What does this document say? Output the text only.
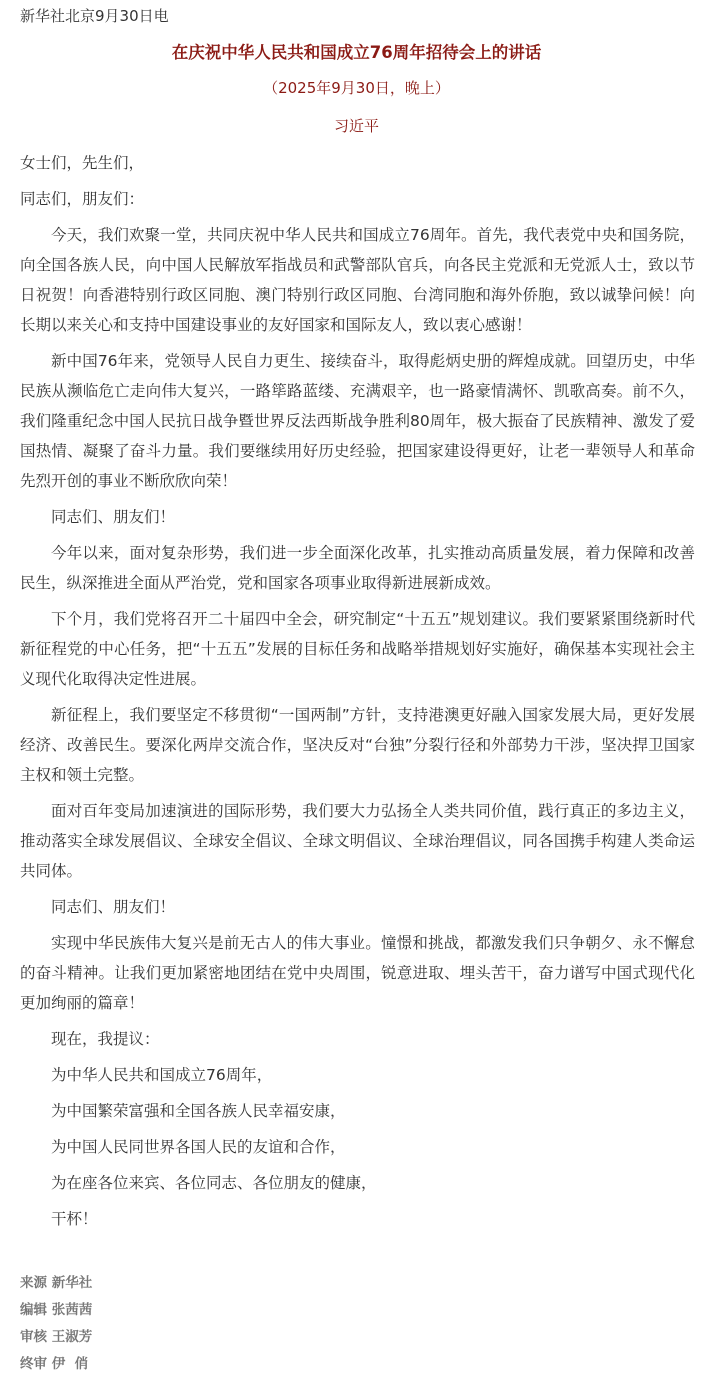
新华社北京9月30日电
在庆祝中华人民共和国成立76周年招待会上的讲话
（2025年9月30日，晚上）
习近平

女士们，先生们，

同志们，朋友们：

今天，我们欢聚一堂，共同庆祝中华人民共和国成立76周年。首先，我代表党中央和国务院，向全国各族人民，向中国人民解放军指战员和武警部队官兵，向各民主党派和无党派人士，致以节日祝贺！向香港特别行政区同胞、澳门特别行政区同胞、台湾同胞和海外侨胞，致以诚挚问候！向长期以来关心和支持中国建设事业的友好国家和国际友人，致以衷心感谢！

新中国76年来，党领导人民自力更生、接续奋斗，取得彪炳史册的辉煌成就。回望历史，中华民族从濒临危亡走向伟大复兴，一路筚路蓝缕、充满艰辛，也一路豪情满怀、凯歌高奏。前不久，我们隆重纪念中国人民抗日战争暨世界反法西斯战争胜利80周年，极大振奋了民族精神、激发了爱国热情、凝聚了奋斗力量。我们要继续用好历史经验，把国家建设得更好，让老一辈领导人和革命先烈开创的事业不断欣欣向荣！

同志们、朋友们！

今年以来，面对复杂形势，我们进一步全面深化改革，扎实推动高质量发展，着力保障和改善民生，纵深推进全面从严治党，党和国家各项事业取得新进展新成效。

下个月，我们党将召开二十届四中全会，研究制定“十五五”规划建议。我们要紧紧围绕新时代新征程党的中心任务，把“十五五”发展的目标任务和战略举措规划好实施好，确保基本实现社会主义现代化取得决定性进展。

新征程上，我们要坚定不移贯彻“一国两制”方针，支持港澳更好融入国家发展大局，更好发展经济、改善民生。要深化两岸交流合作，坚决反对“台独”分裂行径和外部势力干涉，坚决捍卫国家主权和领土完整。

面对百年变局加速演进的国际形势，我们要大力弘扬全人类共同价值，践行真正的多边主义，推动落实全球发展倡议、全球安全倡议、全球文明倡议、全球治理倡议，同各国携手构建人类命运共同体。

同志们、朋友们！

实现中华民族伟大复兴是前无古人的伟大事业。憧憬和挑战，都激发我们只争朝夕、永不懈怠的奋斗精神。让我们更加紧密地团结在党中央周围，锐意进取、埋头苦干，奋力谱写中国式现代化更加绚丽的篇章！

现在，我提议：

为中华人民共和国成立76周年，

为中国繁荣富强和全国各族人民幸福安康，

为中国人民同世界各国人民的友谊和合作，

为在座各位来宾、各位同志、各位朋友的健康，

干杯！

来源 新华社
编辑 张茜茜
审核 王淑芳
终审 伊  俏
